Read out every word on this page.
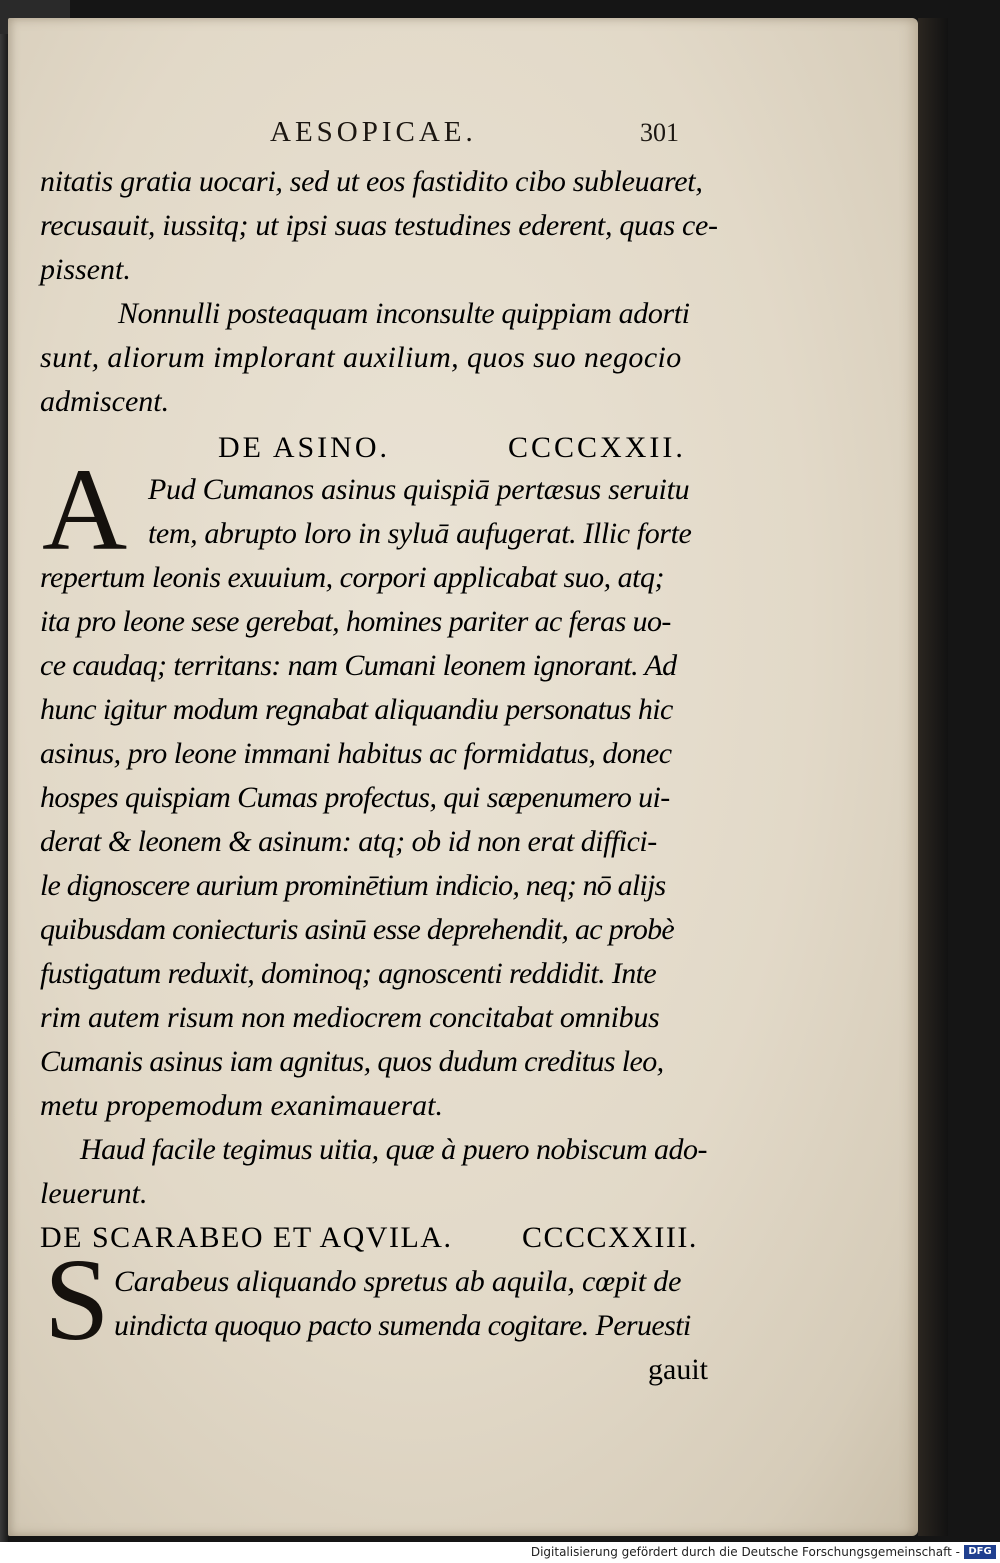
AESOPICAE.	301
nitatis gratia uocari, sed ut eos fastidito cibo subleuaret,
recusauit, iussitq; ut ipsi suas testudines ederent, quas ce-
pissent.
Nonnulli posteaquam inconsulte quippiam adorti
sunt, aliorum implorant auxilium, quos suo negocio
admiscent.
DE ASINO.	CCCCXXII.
A Pud Cumanos asinus quispiā pertæsus seruitu
tem, abrupto loro in syluā aufugerat. Illic forte
repertum leonis exuuium, corpori applicabat suo, atq;
ita pro leone sese gerebat, homines pariter ac feras uo-
ce caudaq; territans: nam Cumani leonem ignorant. Ad
hunc igitur modum regnabat aliquandiu personatus hic
asinus, pro leone immani habitus ac formidatus, donec
hospes quispiam Cumas profectus, qui sæpenumero ui-
derat & leonem & asinum: atq; ob id non erat diffici-
le dignoscere aurium prominētium indicio, neq; nō alijs
quibusdam coniecturis asinū esse deprehendit, ac probè
fustigatum reduxit, dominoq; agnoscenti reddidit. Inte
rim autem risum non mediocrem concitabat omnibus
Cumanis asinus iam agnitus, quos dudum creditus leo,
metu propemodum exanimauerat.
Haud facile tegimus uitia, quæ à puero nobiscum ado-
leuerunt.
DE SCARABEO ET AQVILA. CCCCXXIII.
S Carabeus aliquando spretus ab aquila, cœpit de
uindicta quoquo pacto sumenda cogitare. Peruesti
gauit
Digitalisierung gefördert durch die Deutsche Forschungsgemeinschaft - DFG
